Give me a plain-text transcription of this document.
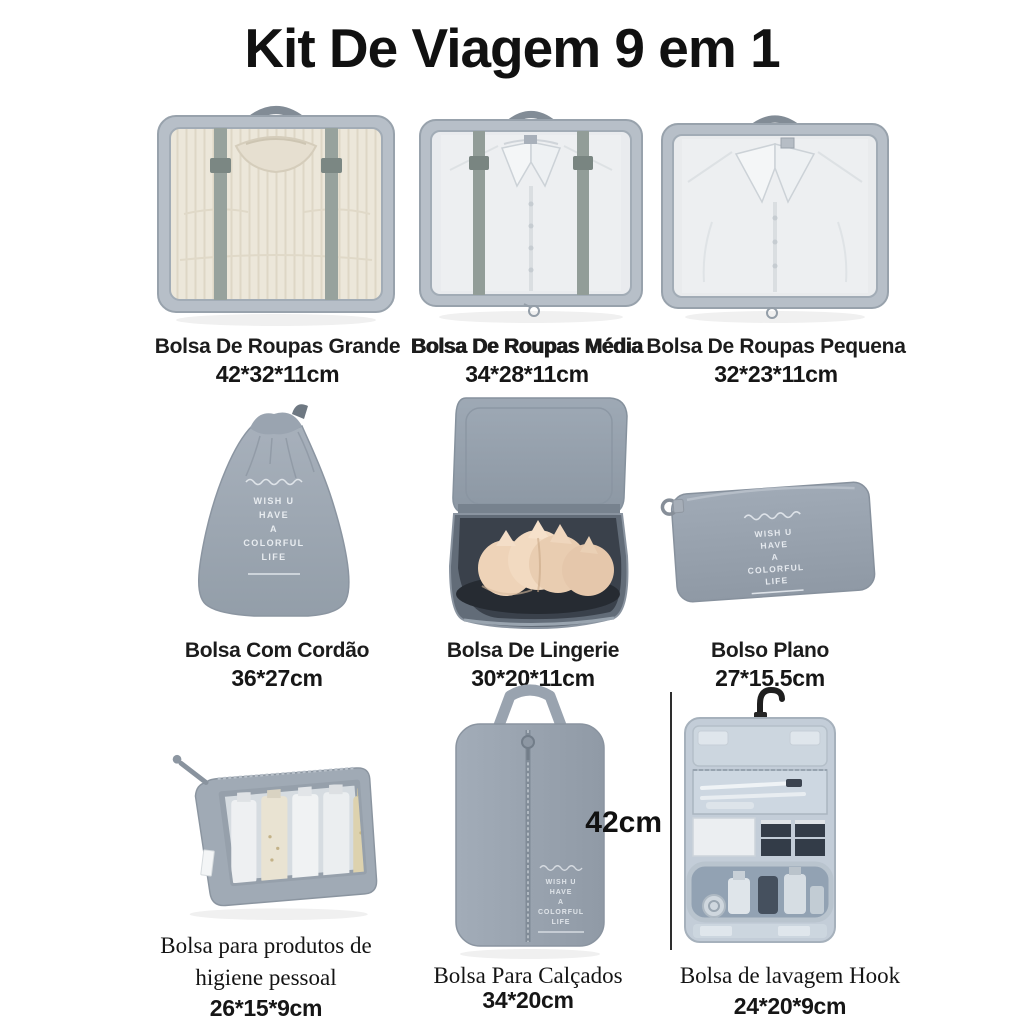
Kit De Viagem 9 em 1
Bolsa De Roupas Grande
42*32*11cm
Bolsa De Roupas Média
34*28*11cm
Bolsa De Roupas Pequena
32*23*11cm
WISH U
HAVE
A
COLORFUL
LIFE
WISH U
HAVE
A
COLORFUL
LIFE
Bolsa Com Cordão
36*27cm
Bolsa De Lingerie
30*20*11cm
Bolso Plano
27*15.5cm
WISH U
HAVE
A
COLORFUL
LIFE
42cm
Bolsa para produtos de
higiene pessoal
26*15*9cm
Bolsa Para Calçados
34*20cm
Bolsa de lavagem Hook
24*20*9cm
